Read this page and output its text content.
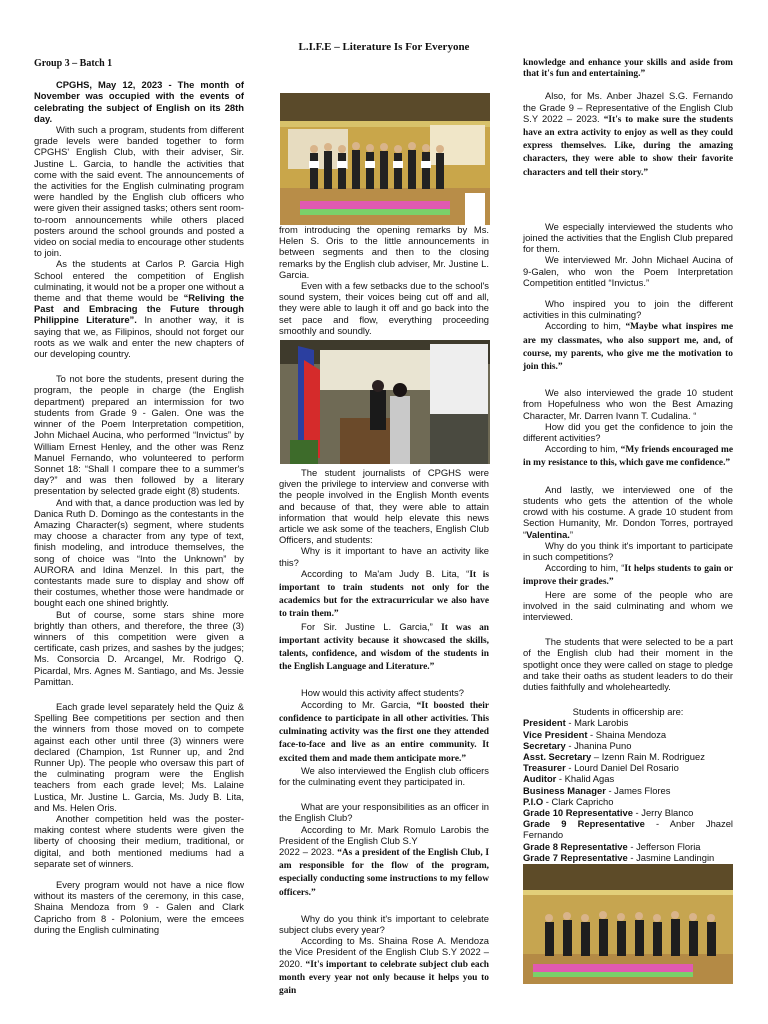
L.I.F.E – Literature Is For Everyone

Group 3 – Batch 1

CPGHS, May 12, 2023 - The month of November was occupied with the events of celebrating the subject of English on its 28th day.

With such a program, students from different grade levels were banded together to form CPGHS' English Club, with their adviser, Sir. Justine L. Garcia, to handle the activities that come with the said event. The announcements of the activities for the English culminating program were handled by the English club officers who were given their assigned tasks; others sent room-to-room announcements while others placed posters around the school grounds and posted a video on social media to encourage other students to join.

As the students at Carlos P. Garcia High School entered the competition of English culminating, it would not be a proper one without a theme and that theme would be “Reliving the Past and Embracing the Future through Philippine Literature”. In another way, it is saying that we, as Filipinos, should not forget our roots as we walk and enter the new chapters of our developing country.

To not bore the students, present during the program, the people in charge (the English department) prepared an intermission for two students from Grade 9 - Galen. One was the winner of the Poem Interpretation competition, John Michael Aucina, who performed “Invictus” by William Ernest Henley, and the other was Renz Manuel Fernando, who volunteered to perform Sonnet 18: “Shall I compare thee to a summer's day?” and was then followed by a literary presentation by selected grade eight (8) students.

And with that, a dance production was led by Danica Ruth D. Domingo as the contestants in the Amazing Character(s) segment, where students may choose a character from any type of text, finish modeling, and introduce themselves, the song of choice was “Into the Unknown” by AURORA and Idina Menzel. In this part, the contestants made sure to display and show off their costumes, whether those were handmade or bought each one shined brightly.

But of course, some stars shine more brightly than others, and therefore, the three (3) winners of this competition were given a certificate, cash prizes, and sashes by the judges; Ms. Consorcia D. Arcangel, Mr. Rodrigo Q. Picardal, Mrs. Agnes M. Santiago, and Ms. Jessie Pamittan.

Each grade level separately held the Quiz & Spelling Bee competitions per section and then the winners from those moved on to compete against each other until three (3) winners were declared (Champion, 1st Runner up, and 2nd Runner Up). The people who oversaw this part of the culminating program were the English teachers from each grade level; Ms. Lalaine Lustica, Mr. Justine L. Garcia, Ms. Judy B. Lita, and Ms. Helen Oris.

Another competition held was the poster-making contest where students were given the liberty of choosing their medium, traditional, or digital, and both mentioned mediums had a separate set of winners.

Every program would not have a nice flow without its masters of the ceremony, in this case, Shaina Mendoza from 9 - Galen and Clark Capricho from 8 - Polonium, were the emcees during the English culminating

from introducing the opening remarks by Ms. Helen S. Oris to the little announcements in between segments and then to the closing remarks by the English club adviser, Mr. Justine L. Garcia.

Even with a few setbacks due to the school's sound system, their voices being cut off and all, they were able to laugh it off and go back into the set pace and flow, everything proceeding smoothly and soundly.

The student journalists of CPGHS were given the privilege to interview and converse with the people involved in the English Month events and because of that, they were able to attain information that would help elevate this news article we ask some of the teachers, English Club Officers, and students:

Why is it important to have an activity like this?

According to Ma'am Judy B. Lita, “It is important to train students not only for the academics but for the extracurricular we also have to train them.”

For Sir. Justine L. Garcia,” It was an important activity because it showcased the skills, talents, confidence, and wisdom of the students in the English Language and Literature.”

How would this activity affect students?

According to Mr. Garcia, “It boosted their confidence to participate in all other activities. This culminating activity was the first one they attended face-to-face and live as an entire community. It excited them and made them anticipate more.”

We also interviewed the English club officers for the culminating event they participated in.

What are your responsibilities as an officer in the English Club?

According to Mr. Mark Romulo Larobis the President of the English Club S.Y

2022 – 2023. “As a president of the English Club, I am responsible for the flow of the program, especially conducting some instructions to my fellow officers.”

Why do you think it's important to celebrate subject clubs every year?

According to Ms. Shaina Rose A. Mendoza the Vice President of the English Club S.Y 2022 – 2020. “It's important to celebrate subject club each month every year not only because it helps you to gain

knowledge and enhance your skills and aside from that it's fun and entertaining.”

Also, for Ms. Anber Jhazel S.G. Fernando the Grade 9 – Representative of the English Club S.Y 2022 – 2023. “It's to make sure the students have an extra activity to enjoy as well as they could express themselves. Like, during the amazing characters, they were able to show their favorite characters and tell their story.”

We especially interviewed the students who joined the activities that the English Club prepared for them.

We interviewed Mr. John Michael Aucina of 9-Galen, who won the Poem Interpretation Competition entitled “Invictus.”

Who inspired you to join the different activities in this culminating?

According to him, “Maybe what inspires me are my classmates, who also support me, and, of course, my parents, who give me the motivation to join this.”

We also interviewed the grade 10 student from Hopefulness who won the Best Amazing Character, Mr. Darren Ivann T. Cudalina. “

How did you get the confidence to join the different activities?

According to him, “My friends encouraged me in my resistance to this, which gave me confidence.”

And lastly, we interviewed one of the students who gets the attention of the whole crowd with his costume. A grade 10 student from Section Humanity, Mr. Dondon Torres, portrayed “Valentina.”

Why do you think it's important to participate in such competitions?

According to him, “It helps students to gain or improve their grades.”

Here are some of the people who are involved in the said culminating and whom we interviewed.

The students that were selected to be a part of the English club had their moment in the spotlight once they were called on stage to pledge and take their oaths as student leaders to do their duties faithfully and wholeheartedly.

Students in officership are:

President - Mark Larobis

Vice President - Shaina Mendoza

Secretary - Jhanina Puno

Asst. Secretary – Izenn Rain M. Rodriguez

Treasurer - Lourd Daniel Del Rosario

Auditor - Khalid Agas

Business Manager - James Flores

P.I.O - Clark Capricho

Grade 10 Representative - Jerry Blanco

Grade 9 Representative - Anber Jhazel Fernando

Grade 8 Representative - Jefferson Floria

Grade 7 Representative - Jasmine Landingin
